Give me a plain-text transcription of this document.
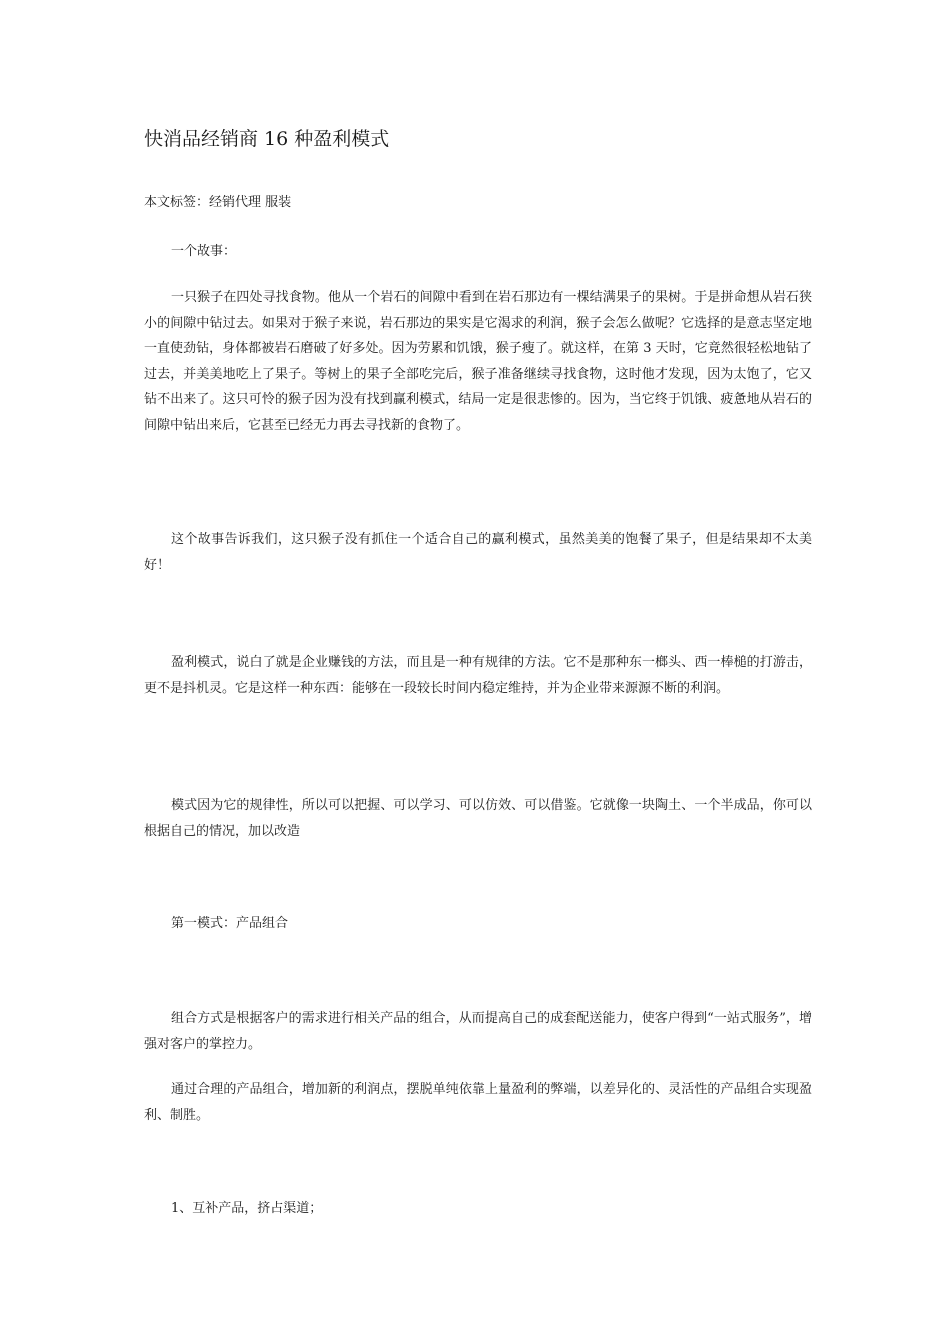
快消品经销商 16 种盈利模式

本文标签：经销代理 服装

一个故事：

一只猴子在四处寻找食物。他从一个岩石的间隙中看到在岩石那边有一棵结满果子的果树。于是拼命想从岩石狭小的间隙中钻过去。如果对于猴子来说，岩石那边的果实是它渴求的利润，猴子会怎么做呢？它选择的是意志坚定地一直使劲钻，身体都被岩石磨破了好多处。因为劳累和饥饿，猴子瘦了。就这样，在第 3 天时，它竟然很轻松地钻了过去，并美美地吃上了果子。等树上的果子全部吃完后，猴子准备继续寻找食物，这时他才发现，因为太饱了，它又钻不出来了。这只可怜的猴子因为没有找到赢利模式，结局一定是很悲惨的。因为，当它终于饥饿、疲惫地从岩石的间隙中钻出来后，它甚至已经无力再去寻找新的食物了。

这个故事告诉我们，这只猴子没有抓住一个适合自己的赢利模式，虽然美美的饱餐了果子，但是结果却不太美好！

盈利模式，说白了就是企业赚钱的方法，而且是一种有规律的方法。它不是那种东一榔头、西一棒槌的打游击，更不是抖机灵。它是这样一种东西：能够在一段较长时间内稳定维持，并为企业带来源源不断的利润。

模式因为它的规律性，所以可以把握、可以学习、可以仿效、可以借鉴。它就像一块陶土、一个半成品，你可以根据自己的情况，加以改造

第一模式：产品组合

组合方式是根据客户的需求进行相关产品的组合，从而提高自己的成套配送能力，使客户得到“一站式服务”，增强对客户的掌控力。

通过合理的产品组合，增加新的利润点，摆脱单纯依靠上量盈利的弊端，以差异化的、灵活性的产品组合实现盈利、制胜。

1、互补产品，挤占渠道；
